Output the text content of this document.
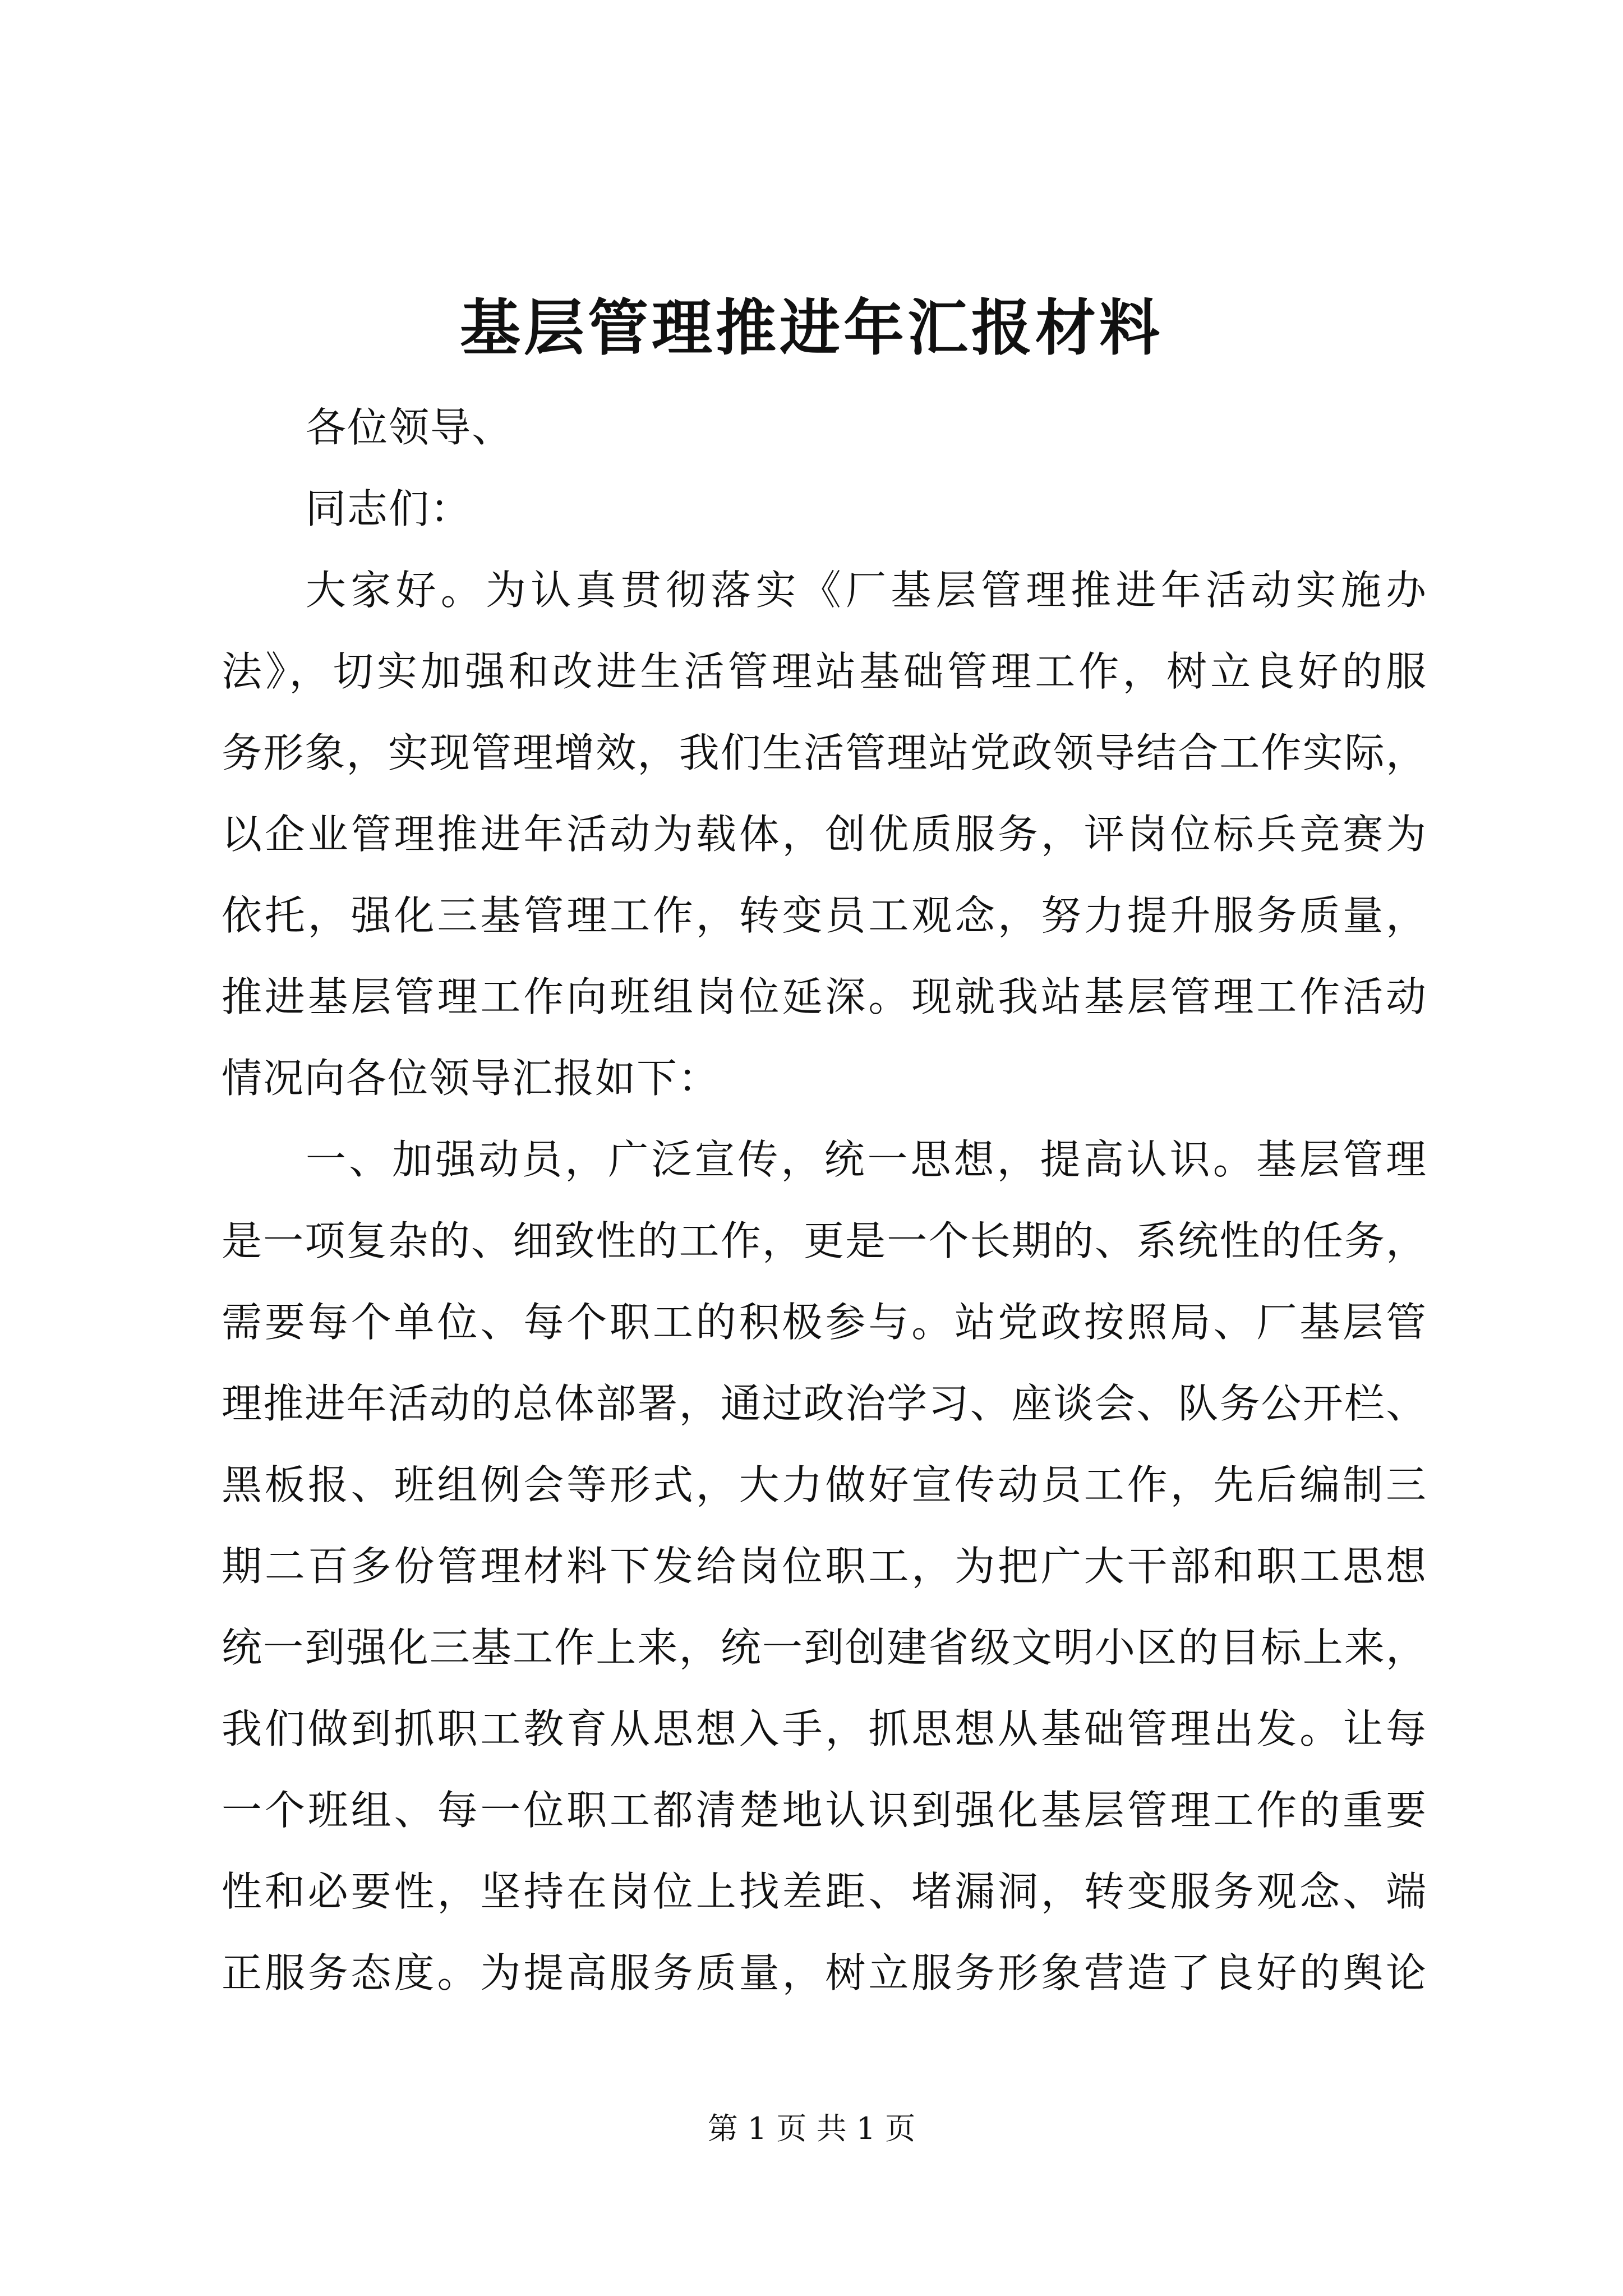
基层管理推进年汇报材料
各位领导、
同志们：
大家好。为认真贯彻落实《厂基层管理推进年活动实施办
法》，切实加强和改进生活管理站基础管理工作，树立良好的服
务形象，实现管理增效，我们生活管理站党政领导结合工作实际，
以企业管理推进年活动为载体，创优质服务，评岗位标兵竞赛为
依托，强化三基管理工作，转变员工观念，努力提升服务质量，
推进基层管理工作向班组岗位延深。现就我站基层管理工作活动
情况向各位领导汇报如下：
一、加强动员，广泛宣传，统一思想，提高认识。基层管理
是一项复杂的、细致性的工作，更是一个长期的、系统性的任务，
需要每个单位、每个职工的积极参与。站党政按照局、厂基层管
理推进年活动的总体部署，通过政治学习、座谈会、队务公开栏、
黑板报、班组例会等形式，大力做好宣传动员工作，先后编制三
期二百多份管理材料下发给岗位职工，为把广大干部和职工思想
统一到强化三基工作上来，统一到创建省级文明小区的目标上来，
我们做到抓职工教育从思想入手，抓思想从基础管理出发。让每
一个班组、每一位职工都清楚地认识到强化基层管理工作的重要
性和必要性，坚持在岗位上找差距、堵漏洞，转变服务观念、端
正服务态度。为提高服务质量，树立服务形象营造了良好的舆论
第 1 页 共 1 页
